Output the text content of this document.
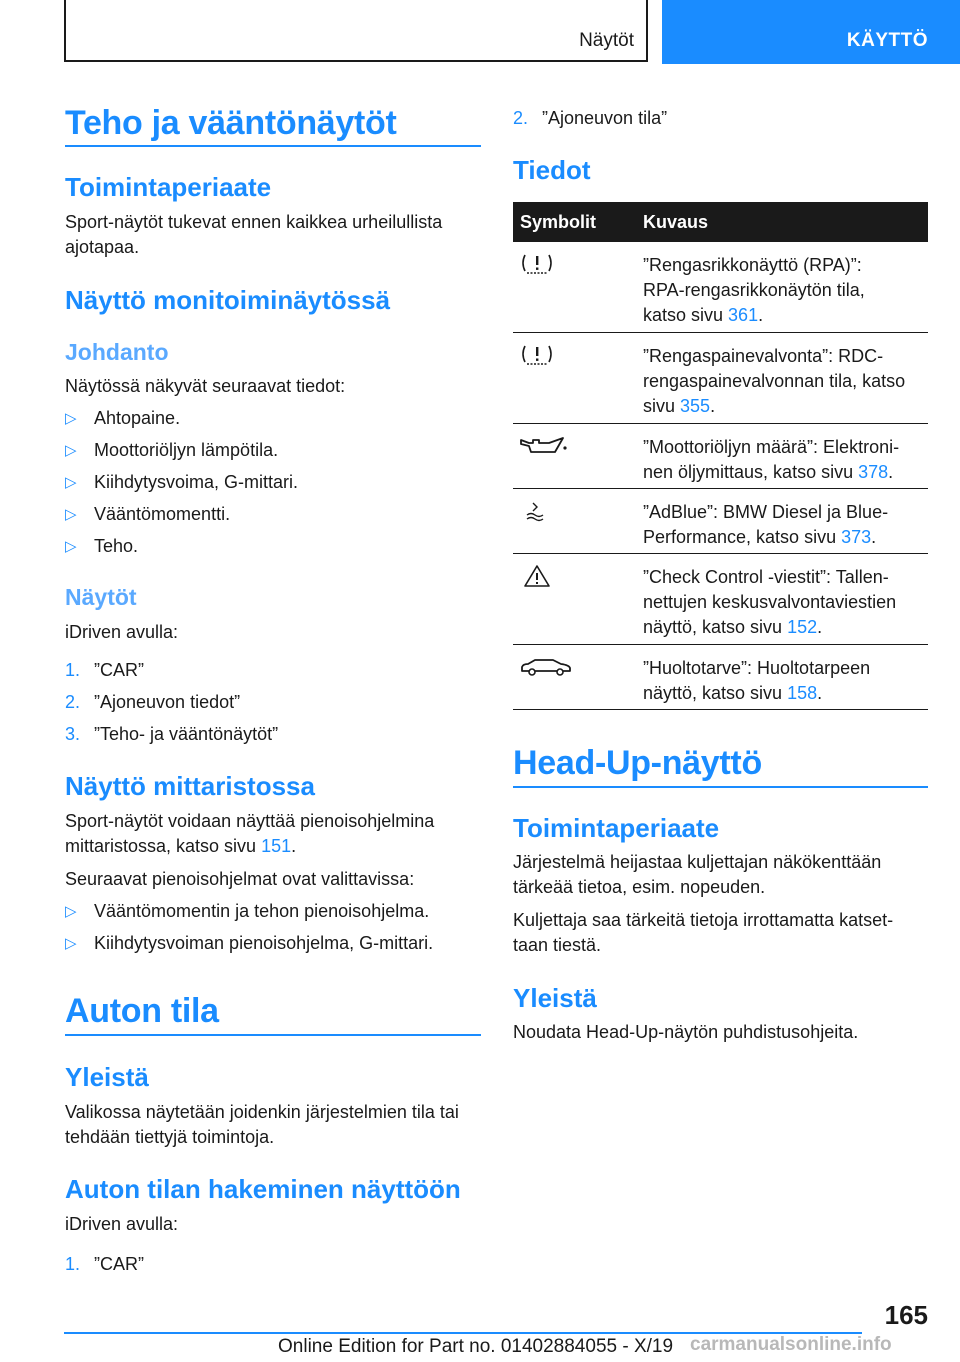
Näytöt	KÄYTTÖ
Teho ja vääntönäytöt
Toimintaperiaate
Sport-näytöt tukevat ennen kaikkea urheilullista ajotapaa.
Näyttö monitoiminäytössä
Johdanto
Näytössä näkyvät seuraavat tiedot:
▷ Ahtopaine.
▷ Moottoriöljyn lämpötila.
▷ Kiihdytysvoima, G-mittari.
▷ Vääntömomentti.
▷ Teho.
Näytöt
iDriven avulla:
1. ”CAR”
2. ”Ajoneuvon tiedot”
3. ”Teho- ja vääntönäytöt”
Näyttö mittaristossa
Sport-näytöt voidaan näyttää pienoisohjelmina mittaristossa, katso sivu 151.
Seuraavat pienoisohjelmat ovat valittavissa:
▷ Vääntömomentin ja tehon pienoisohjelma.
▷ Kiihdytysvoiman pienoisohjelma, G-mittari.
Auton tila
Yleistä
Valikossa näytetään joidenkin järjestelmien tila tai tehdään tiettyjä toimintoja.
Auton tilan hakeminen näyttöön
iDriven avulla:
1. ”CAR”
2. ”Ajoneuvon tila”
Tiedot
Symbolit	Kuvaus
”Rengasrikkonäyttö (RPA)”:
RPA-rengasrikkonäytön tila,
katso sivu 361.
”Rengaspainevalvonta”: RDC-
rengaspainevalvonnan tila, katso
sivu 355.
”Moottoriöljyn määrä”: Elektroni-
nen öljymittaus, katso sivu 378.
”AdBlue”: BMW Diesel ja Blue-
Performance, katso sivu 373.
”Check Control -viestit”: Tallen-
nettujen keskusvalvontaviestien
näyttö, katso sivu 152.
”Huoltotarve”: Huoltotarpeen
näyttö, katso sivu 158.
Head-Up-näyttö
Toimintaperiaate
Järjestelmä heijastaa kuljettajan näkökenttään tärkeää tietoa, esim. nopeuden.
Kuljettaja saa tärkeitä tietoja irrottamatta katset-taan tiestä.
Yleistä
Noudata Head-Up-näytön puhdistusohjeita.
165
Online Edition for Part no. 01402884055 - X/19 carmanualsonline.info
